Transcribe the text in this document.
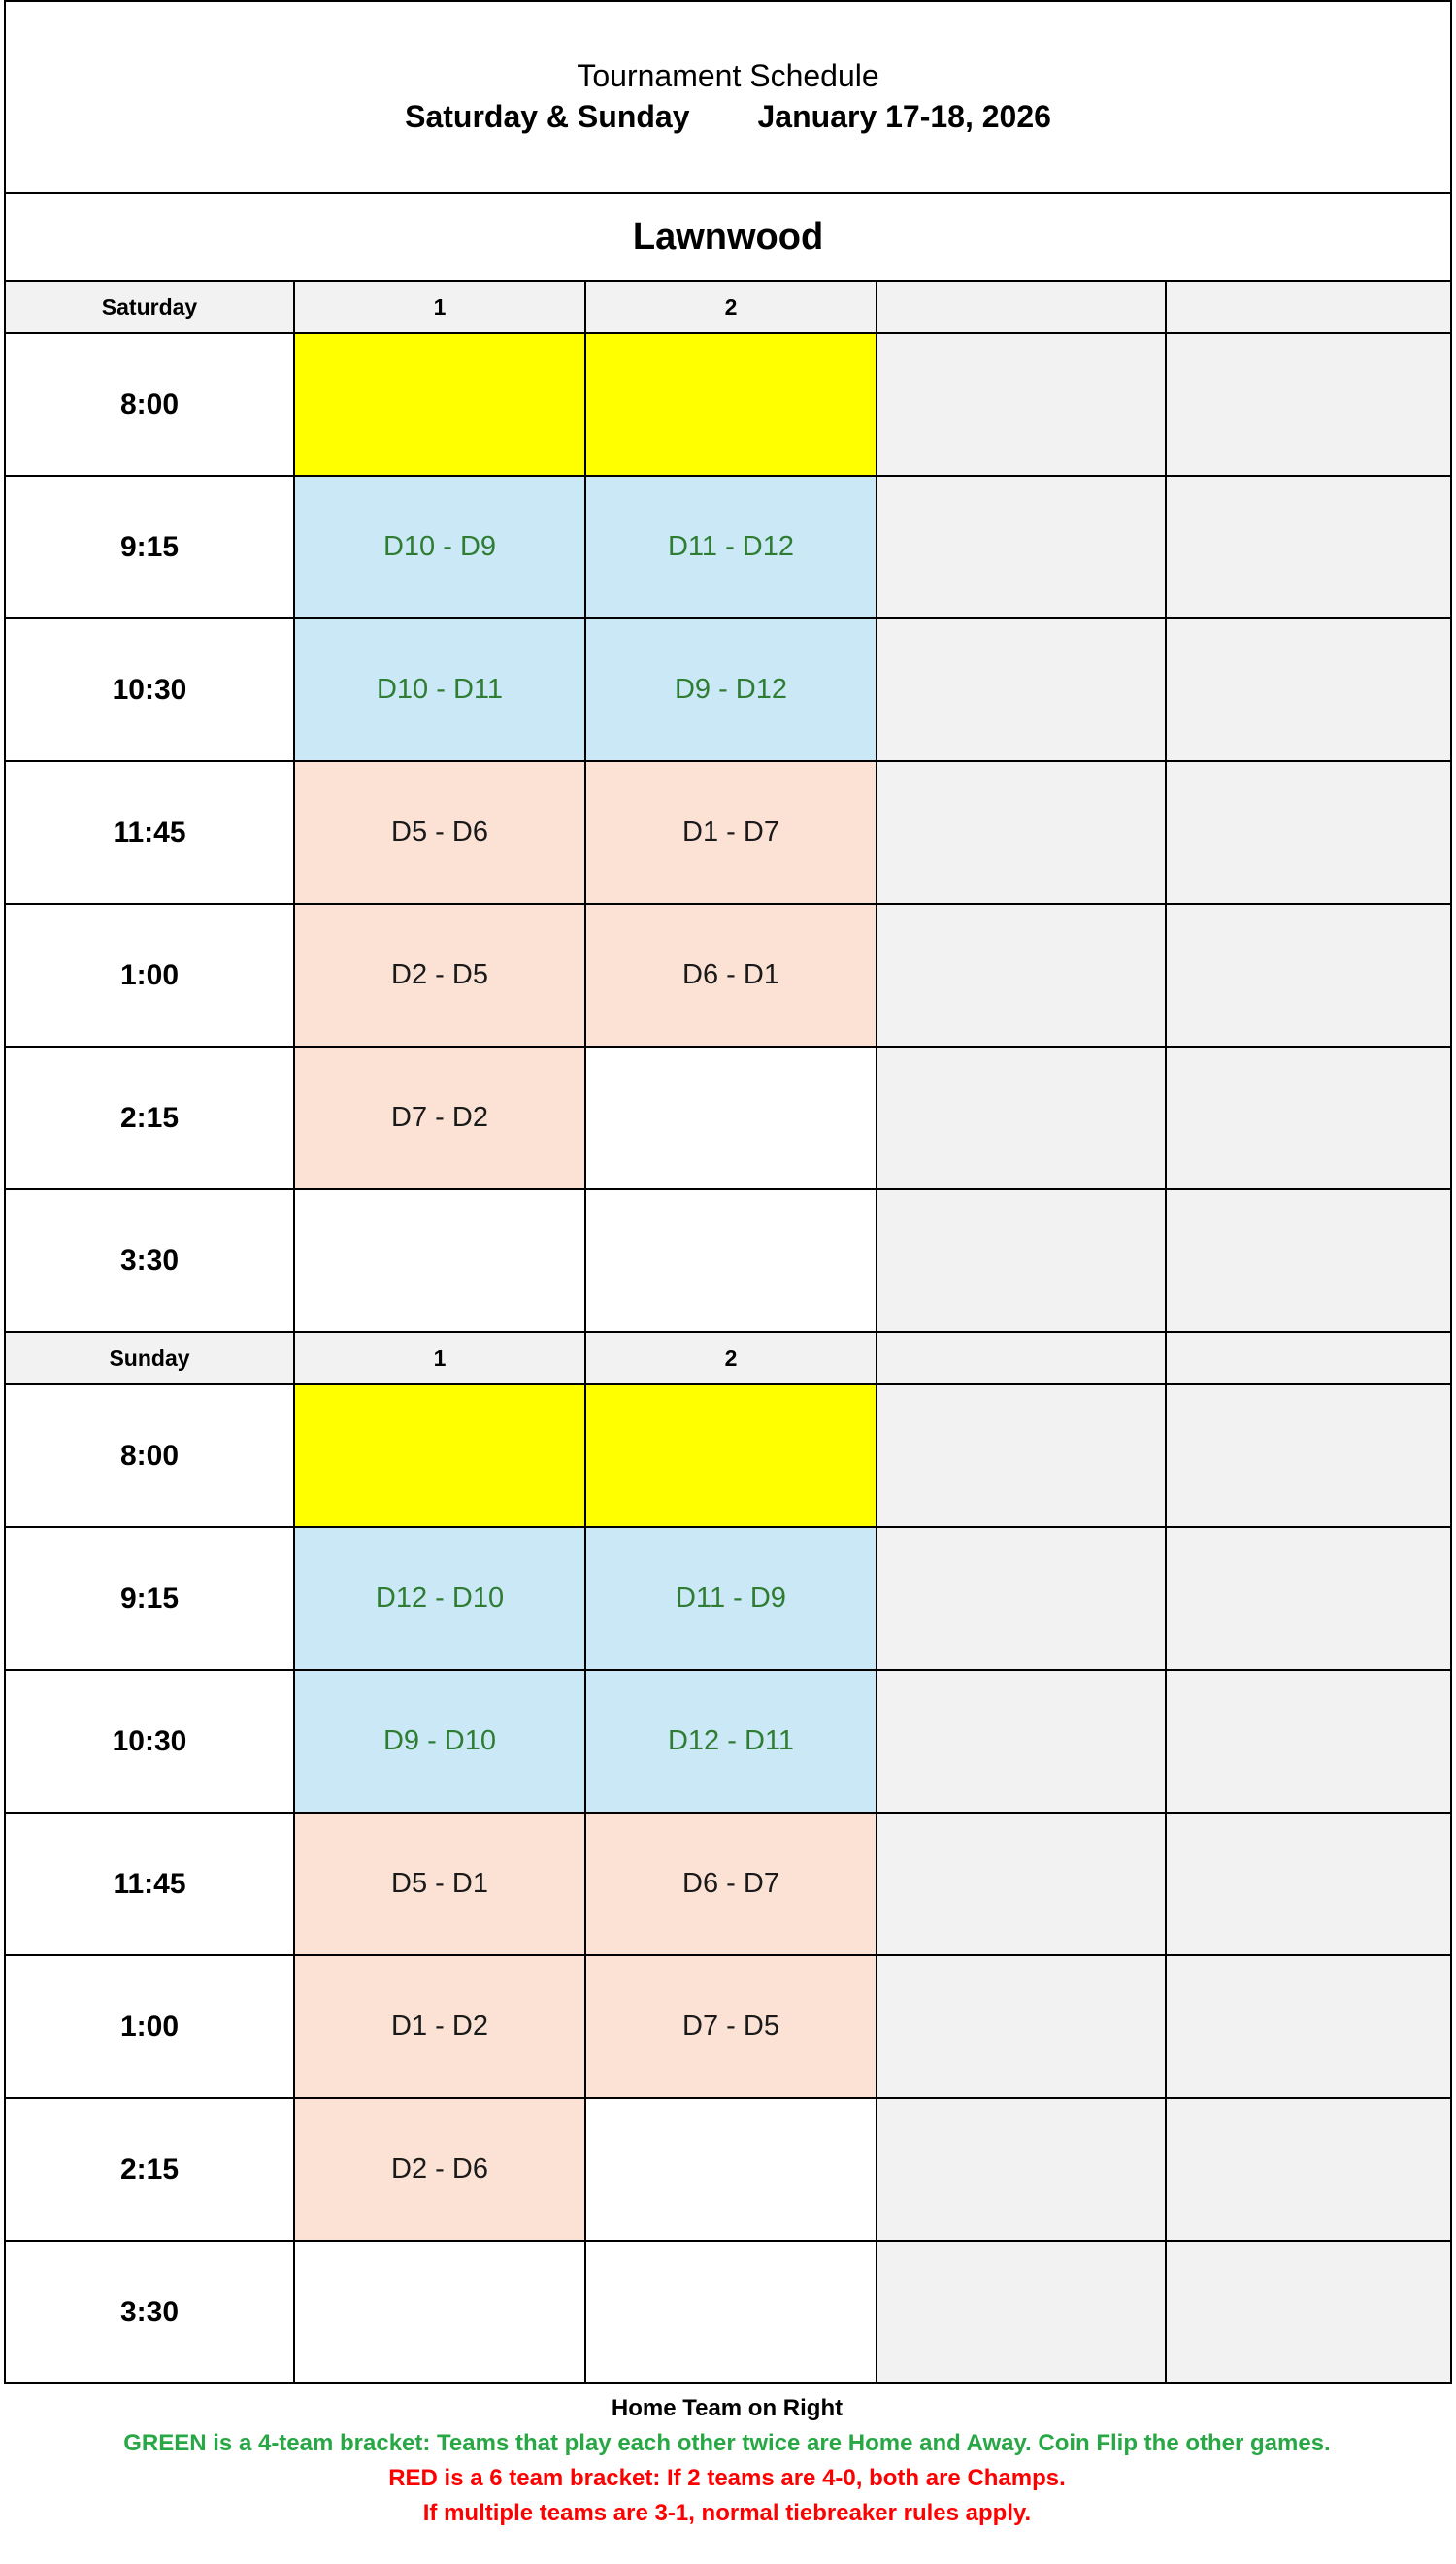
Tournament Schedule
Saturday & Sunday January 17-18, 2026				

Lawnwood				
Saturday	1	2		
8:00				
9:15	D10 - D9	D11 - D12		
10:30	D10 - D11	D9 - D12		
11:45	D5 - D6	D1 - D7		
1:00	D2 - D5	D6 - D1		
2:15	D7 - D2			
3:30				
Sunday	1	2		
8:00				
9:15	D12 - D10	D11 - D9		
10:30	D9 - D10	D12 - D11		
11:45	D5 - D1	D6 - D7		
1:00	D1 - D2	D7 - D5		
2:15	D2 - D6			
3:30				
Home Team on Right
GREEN is a 4-team bracket: Teams that play each other twice are Home and Away. Coin Flip the other games.
RED is a 6 team bracket: If 2 teams are 4-0, both are Champs.
If multiple teams are 3-1, normal tiebreaker rules apply.
